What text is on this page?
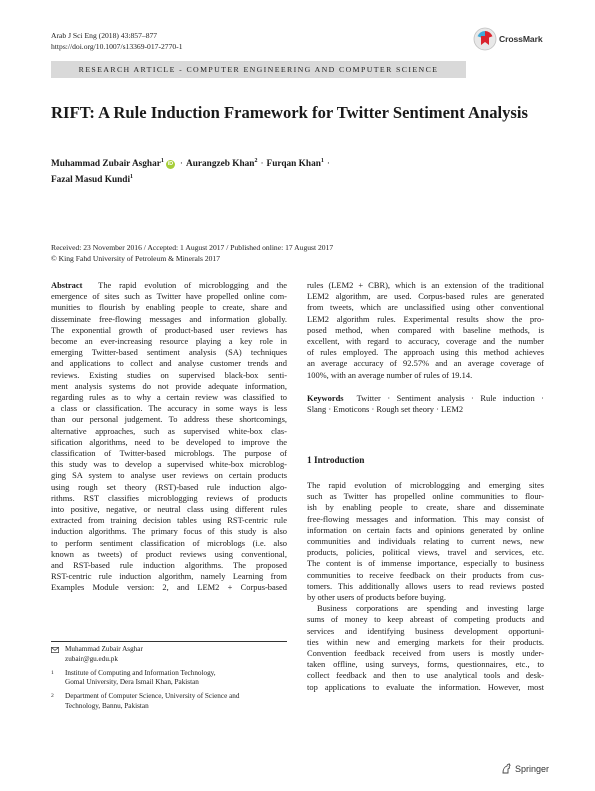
Arab J Sci Eng (2018) 43:857–877
https://doi.org/10.1007/s13369-017-2770-1
CrossMark
RESEARCH ARTICLE - COMPUTER ENGINEERING AND COMPUTER SCIENCE
RIFT: A Rule Induction Framework for Twitter Sentiment Analysis
Muhammad Zubair Asghar$^1$iD · Aurangzeb Khan$^2$ · Furqan Khan$^1$ ·
Fazal Masud Kundi$^1$
Received: 23 November 2016 / Accepted: 1 August 2017 / Published online: 17 August 2017
© King Fahd University of Petroleum & Minerals 2017
Abstract The rapid evolution of microblogging and the
emergence of sites such as Twitter have propelled online com-
munities to flourish by enabling people to create, share and
disseminate free-flowing messages and information globally.
The exponential growth of product-based user reviews has
become an ever-increasing resource playing a key role in
emerging Twitter-based sentiment analysis (SA) techniques
and applications to collect and analyse customer trends and
reviews. Existing studies on supervised black-box senti-
ment analysis systems do not provide adequate information,
regarding rules as to why a certain review was classified to
a class or classification. The accuracy in some ways is less
than our personal judgement. To address these shortcomings,
alternative approaches, such as supervised white-box clas-
sification algorithms, need to be developed to improve the
classification of Twitter-based microblogs. The purpose of
this study was to develop a supervised white-box microblog-
ging SA system to analyse user reviews on certain products
using rough set theory (RST)-based rule induction algo-
rithms. RST classifies microblogging reviews of products
into positive, negative, or neutral class using different rules
extracted from training decision tables using RST-centric rule
induction algorithms. The primary focus of this study is also
to perform sentiment classification of microblogs (i.e. also
known as tweets) of product reviews using conventional,
and RST-based rule induction algorithms. The proposed
RST-centric rule induction algorithm, namely Learning from
Examples Module version: 2, and LEM2 + Corpus-based
rules (LEM2 + CBR), which is an extension of the traditional
LEM2 algorithm, are used. Corpus-based rules are generated
from tweets, which are unclassified using other conventional
LEM2 algorithm rules. Experimental results show the pro-
posed method, when compared with baseline methods, is
excellent, with regard to accuracy, coverage and the number
of rules employed. The approach using this method achieves
an average accuracy of 92.57% and an average coverage of
100%, with an average number of rules of 19.14.
Keywords Twitter · Sentiment analysis · Rule induction ·
Slang · Emoticons · Rough set theory · LEM2
1 Introduction
The rapid evolution of microblogging and emerging sites
such as Twitter has propelled online communities to flour-
ish by enabling people to create, share and disseminate
free-flowing messages and information. This may consist of
information on certain facts and opinions generated by online
communities and individuals relating to current news, new
products, policies, political views, travel and services, etc.
The content is of immense importance, especially to business
communities to receive feedback on their products from cus-
tomers. This additionally allows users to read reviews posted
by other users of products before buying.
Business corporations are spending and investing large
sums of money to keep abreast of competing products and
services and identifying business development opportuni-
ties within new and emerging markets for their products.
Convention feedback received from users is mostly under-
taken offline, using surveys, forms, questionnaires, etc., to
collect feedback and then to use analytical tools and desk-
top applications to evaluate the information. However, most
Muhammad Zubair Asghar
zubair@gu.edu.pk
$^1$	Institute of Computing and Information Technology,
Gomal University, Dera Ismail Khan, Pakistan
$^2$	Department of Computer Science, University of Science and
Technology, Bannu, Pakistan
Springer
